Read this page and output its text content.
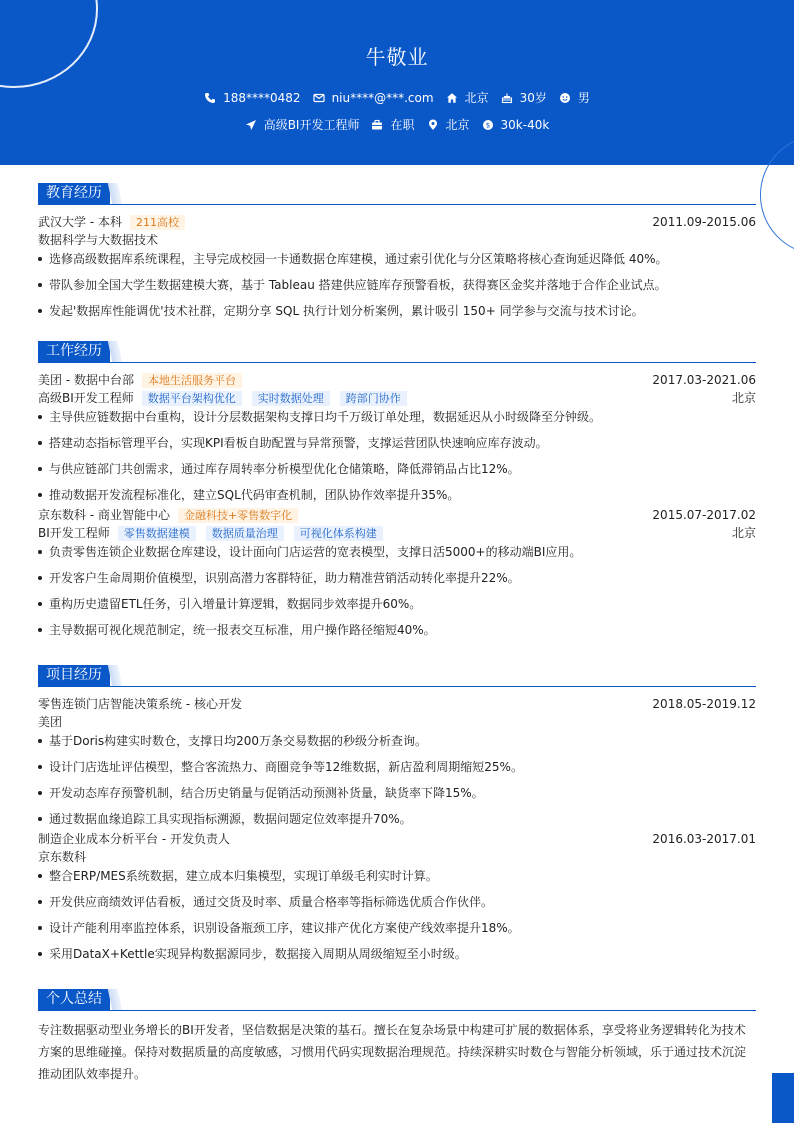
牛敬业
188****0482	niu****@***.com	北京	30岁	男
高级BI开发工程师	在职	北京 $ 30k-40k
教育经历
武汉大学 - 本科	211高校	2011.09-2015.06
数据科学与大数据技术
选修高级数据库系统课程，主导完成校园一卡通数据仓库建模，通过索引优化与分区策略将核心查询延迟降低 40%。
带队参加全国大学生数据建模大赛，基于 Tableau 搭建供应链库存预警看板，获得赛区金奖并落地于合作企业试点。
发起'数据库性能调优'技术社群，定期分享 SQL 执行计划分析案例，累计吸引 150+ 同学参与交流与技术讨论。
工作经历
美团 - 数据中台部	本地生活服务平台	2017.03-2021.06
高级BI开发工程师	数据平台架构优化	实时数据处理	跨部门协作	北京
主导供应链数据中台重构，设计分层数据架构支撑日均千万级订单处理，数据延迟从小时级降至分钟级。
搭建动态指标管理平台，实现KPI看板自助配置与异常预警，支撑运营团队快速响应库存波动。
与供应链部门共创需求，通过库存周转率分析模型优化仓储策略，降低滞销品占比12%。
推动数据开发流程标准化，建立SQL代码审查机制，团队协作效率提升35%。
京东数科 - 商业智能中心	金融科技+零售数字化	2015.07-2017.02
BI开发工程师	零售数据建模	数据质量治理	可视化体系构建	北京
负责零售连锁企业数据仓库建设，设计面向门店运营的宽表模型，支撑日活5000+的移动端BI应用。
开发客户生命周期价值模型，识别高潜力客群特征，助力精准营销活动转化率提升22%。
重构历史遗留ETL任务，引入增量计算逻辑，数据同步效率提升60%。
主导数据可视化规范制定，统一报表交互标准，用户操作路径缩短40%。
项目经历
零售连锁门店智能决策系统 - 核心开发	2018.05-2019.12
美团
基于Doris构建实时数仓，支撑日均200万条交易数据的秒级分析查询。
设计门店选址评估模型，整合客流热力、商圈竞争等12维数据，新店盈利周期缩短25%。
开发动态库存预警机制，结合历史销量与促销活动预测补货量，缺货率下降15%。
通过数据血缘追踪工具实现指标溯源，数据问题定位效率提升70%。
制造企业成本分析平台 - 开发负责人	2016.03-2017.01
京东数科
整合ERP/MES系统数据，建立成本归集模型，实现订单级毛利实时计算。
开发供应商绩效评估看板，通过交货及时率、质量合格率等指标筛选优质合作伙伴。
设计产能利用率监控体系，识别设备瓶颈工序，建议排产优化方案使产线效率提升18%。
采用DataX+Kettle实现异构数据源同步，数据接入周期从周级缩短至小时级。
个人总结
专注数据驱动型业务增长的BI开发者，坚信数据是决策的基石。擅长在复杂场景中构建可扩展的数据体系，享受将业务逻辑转化为技术
方案的思维碰撞。保持对数据质量的高度敏感，习惯用代码实现数据治理规范。持续深耕实时数仓与智能分析领域，乐于通过技术沉淀
推动团队效率提升。
